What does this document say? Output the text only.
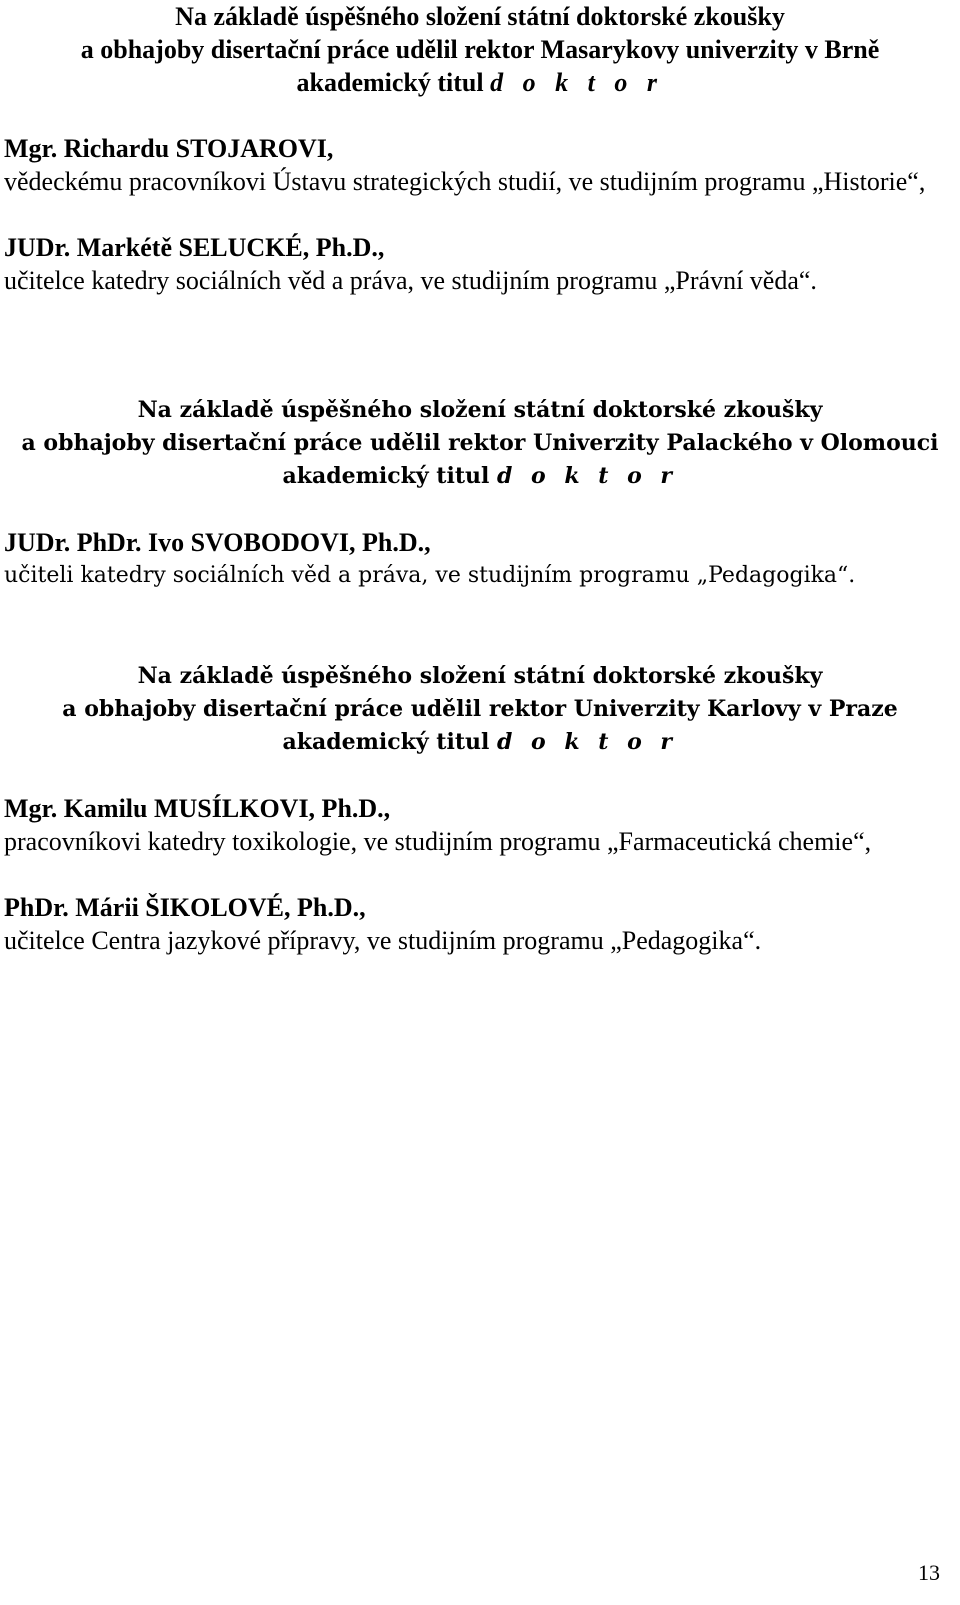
Na základě úspěšného složení státní doktorské zkoušky
a obhajoby disertační práce udělil rektor Masarykovy univerzity v Brně
akademický titul d o k t o r
Mgr. Richardu STOJAROVI,
vědeckému pracovníkovi Ústavu strategických studií, ve studijním programu „Historie“,
JUDr. Markétě SELUCKÉ, Ph.D.,
učitelce katedry sociálních věd a práva, ve studijním programu „Právní věda“.
Na základě úspěšného složení státní doktorské zkoušky
a obhajoby disertační práce udělil rektor Univerzity Palackého v Olomouci
akademický titul d o k t o r
JUDr. PhDr. Ivo SVOBODOVI, Ph.D.,
učiteli katedry sociálních věd a práva, ve studijním programu „Pedagogika“.
Na základě úspěšného složení státní doktorské zkoušky
a obhajoby disertační práce udělil rektor Univerzity Karlovy v Praze
akademický titul d o k t o r
Mgr. Kamilu MUSÍLKOVI, Ph.D.,
pracovníkovi katedry toxikologie, ve studijním programu „Farmaceutická chemie“,
PhDr. Márii ŠIKOLOVÉ, Ph.D.,
učitelce Centra jazykové přípravy, ve studijním programu „Pedagogika“.
13
